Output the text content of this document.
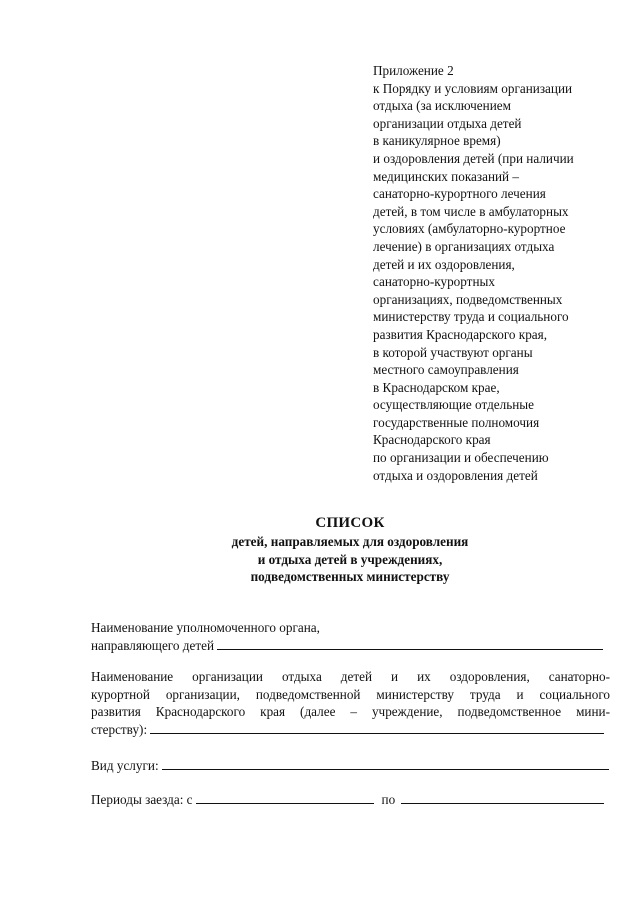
Приложение 2
к Порядку и условиям организации
отдыха (за исключением
организации отдыха детей
в каникулярное время)
и оздоровления детей (при наличии
медицинских показаний –
санаторно-курортного лечения
детей, в том числе в амбулаторных
условиях (амбулаторно-курортное
лечение) в организациях отдыха
детей и их оздоровления,
санаторно-курортных
организациях, подведомственных
министерству труда и социального
развития Краснодарского края,
в которой участвуют органы
местного самоуправления
в Краснодарском крае,
осуществляющие отдельные
государственные полномочия
Краснодарского края
по организации и обеспечению
отдыха и оздоровления детей
СПИСОК
детей, направляемых для оздоровления
и отдыха детей в учреждениях,
подведомственных министерству
Наименование уполномоченного органа,
направляющего детей
Наименование организации отдыха детей и их оздоровления, санаторно-
курортной организации, подведомственной министерству труда и социального
развития Краснодарского края (далее – учреждение, подведомственное мини-
стерству):
Вид услуги:
Периоды заезда: с	по
